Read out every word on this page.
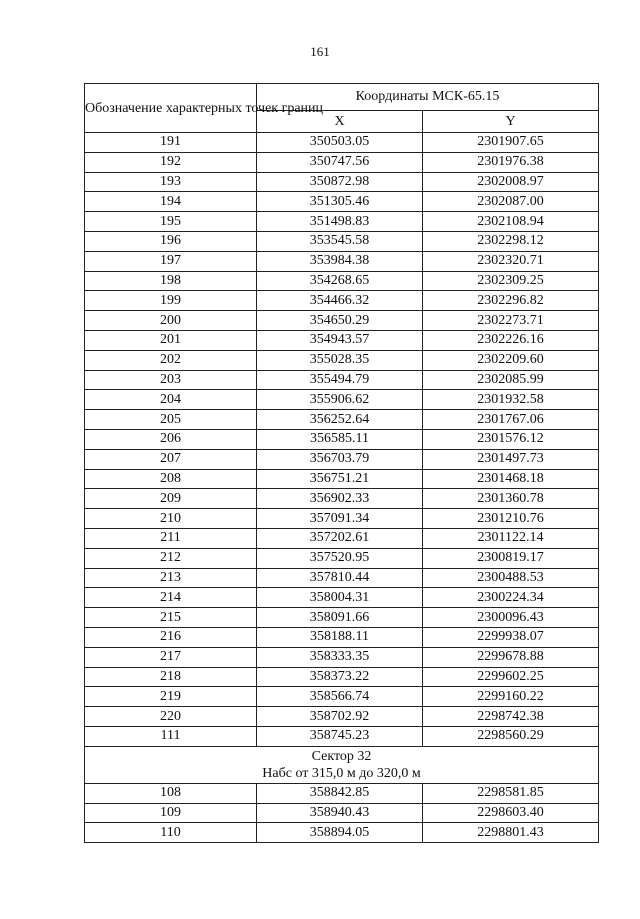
161
Обозначение характерных точек границ	Координаты МСК-65.15	
	X	Y
191	350503.05	2301907.65
192	350747.56	2301976.38
193	350872.98	2302008.97
194	351305.46	2302087.00
195	351498.83	2302108.94
196	353545.58	2302298.12
197	353984.38	2302320.71
198	354268.65	2302309.25
199	354466.32	2302296.82
200	354650.29	2302273.71
201	354943.57	2302226.16
202	355028.35	2302209.60
203	355494.79	2302085.99
204	355906.62	2301932.58
205	356252.64	2301767.06
206	356585.11	2301576.12
207	356703.79	2301497.73
208	356751.21	2301468.18
209	356902.33	2301360.78
210	357091.34	2301210.76
211	357202.61	2301122.14
212	357520.95	2300819.17
213	357810.44	2300488.53
214	358004.31	2300224.34
215	358091.66	2300096.43
216	358188.11	2299938.07
217	358333.35	2299678.88
218	358373.22	2299602.25
219	358566.74	2299160.22
220	358702.92	2298742.38
111	358745.23	2298560.29

Сектор 32
Набс от 315,0 м до 320,0 м		

108	358842.85	2298581.85
109	358940.43	2298603.40
110	358894.05	2298801.43
